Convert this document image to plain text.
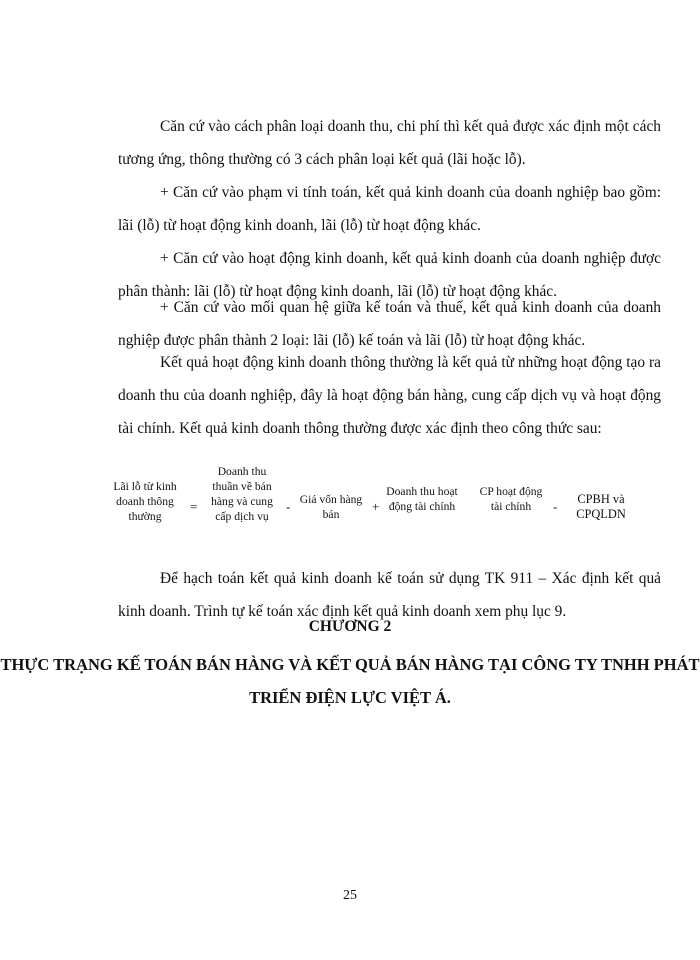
Căn cứ vào cách phân loại doanh thu, chi phí thì kết quả được xác định một cách tương ứng, thông thường có 3 cách phân loại kết quả (lãi hoặc lỗ).

+ Căn cứ vào phạm vi tính toán, kết quả kinh doanh của doanh nghiệp bao gồm: lãi (lỗ) từ hoạt động kinh doanh, lãi (lỗ) từ hoạt động khác.

+ Căn cứ vào hoạt động kinh doanh, kết quả kinh doanh của doanh nghiệp được phân thành: lãi (lỗ) từ hoạt động kinh doanh, lãi (lỗ) từ hoạt động khác.

+ Căn cứ vào mối quan hệ giữa kế toán và thuế, kết quả kinh doanh của doanh nghiệp được phân thành 2 loại: lãi (lỗ) kế toán và lãi (lỗ) từ hoạt động khác.

Kết quả hoạt động kinh doanh thông thường là kết quả từ những hoạt động tạo ra doanh thu của doanh nghiệp, đây là hoạt động bán hàng, cung cấp dịch vụ và hoạt động tài chính. Kết quả kinh doanh thông thường được xác định theo công thức sau:

Lãi lỗ từ kinh doanh thông thường
=
Doanh thu thuần về bán hàng và cung cấp dịch vụ
- Giá vốn hàng bán
+
Doanh thu hoạt động tài chính
CP hoạt động tài chính	-	CPBH và CPQLDN

Để hạch toán kết quả kinh doanh kế toán sử dụng TK 911 – Xác định kết quả kinh doanh. Trình tự kế toán xác định kết quả kinh doanh xem phụ lục 9.

CHƯƠNG 2
THỰC TRẠNG KẾ TOÁN BÁN HÀNG VÀ KẾT QUẢ BÁN HÀNG TẠI CÔNG TY TNHH PHÁT TRIỂN ĐIỆN LỰC VIỆT Á.
25
